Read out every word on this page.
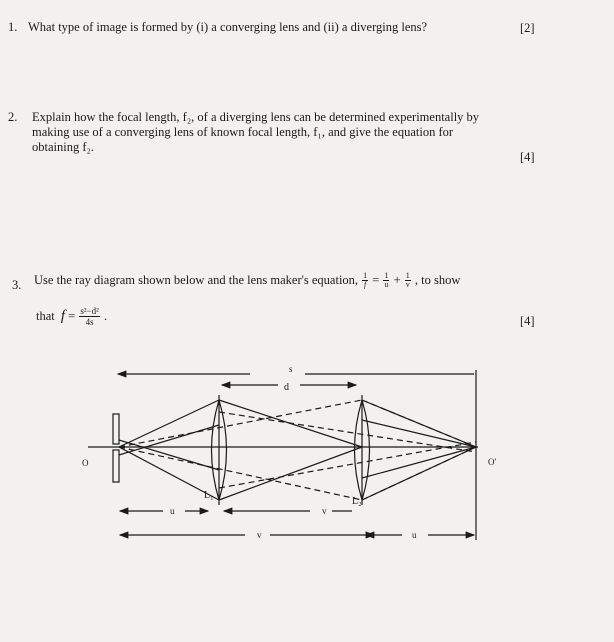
1. What type of image is formed by (i) a converging lens and (ii) a diverging lens?	[2]
2. Explain how the focal length, f₂, of a diverging lens can be determined experimentally by
making use of a converging lens of known focal length, f₁, and give the equation for
obtaining f₂.
[4]
3. Use the ray diagram shown below and the lens maker's equation, $\frac{1}{f} = \frac{1}{u} + \frac{1}{v}$ , to show
that $f = \frac{\text{s²−d²}}{4s}$ .	[4]
s
d
O	O'
L₁
L₂
u	v
v	u
